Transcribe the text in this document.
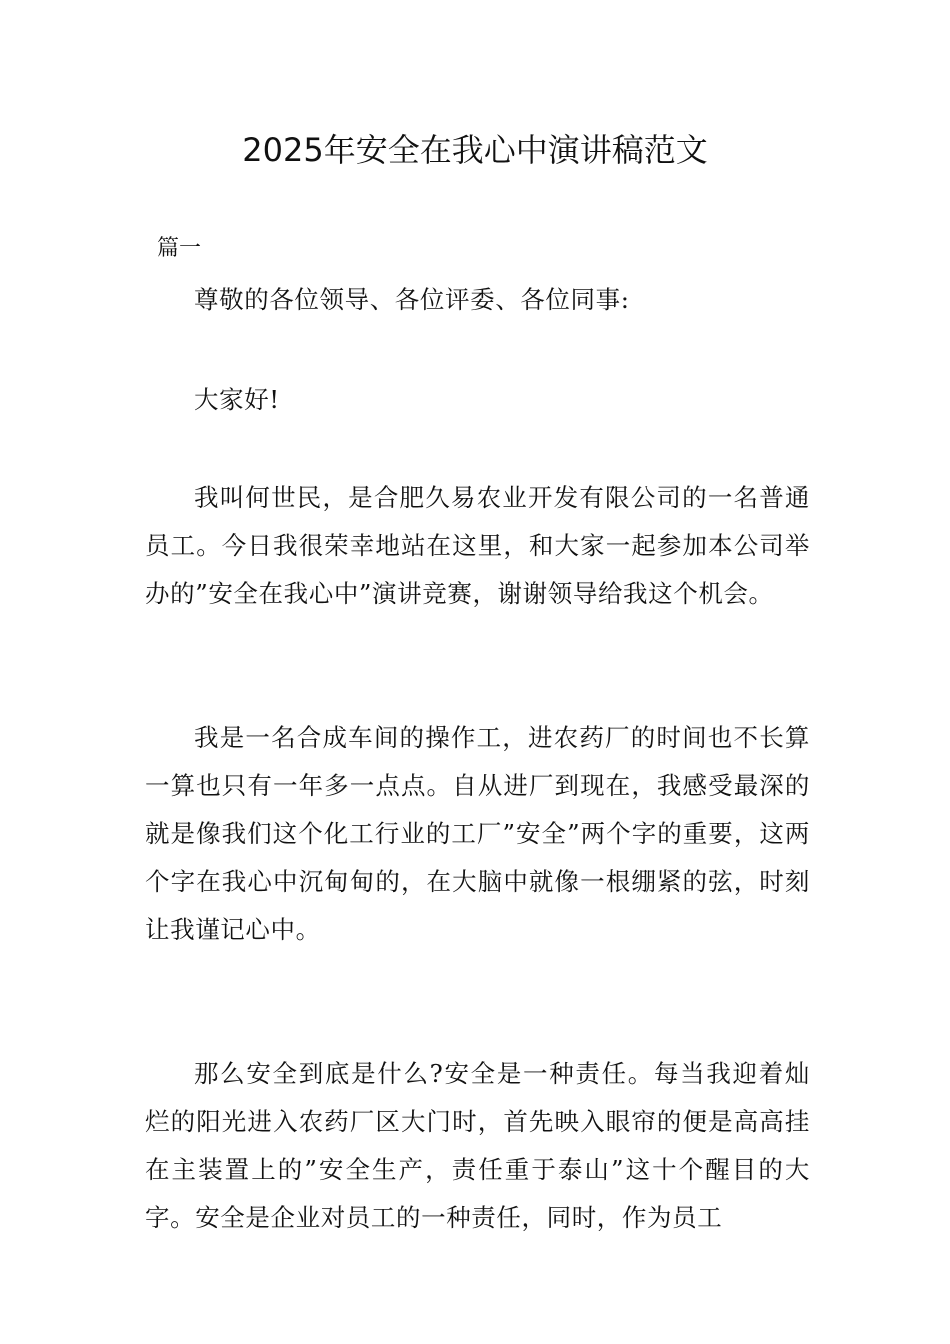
2025年安全在我心中演讲稿范文
篇一

尊敬的各位领导、各位评委、各位同事:

大家好!

我叫何世民，是合肥久易农业开发有限公司的一名普通员工。今日我很荣幸地站在这里，和大家一起参加本公司举办的”安全在我心中”演讲竞赛，谢谢领导给我这个机会。

我是一名合成车间的操作工，进农药厂的时间也不长算一算也只有一年多一点点。自从进厂到现在，我感受最深的就是像我们这个化工行业的工厂”安全”两个字的重要，这两个字在我心中沉甸甸的，在大脑中就像一根绷紧的弦，时刻让我谨记心中。

那么安全到底是什么?安全是一种责任。每当我迎着灿烂的阳光进入农药厂区大门时，首先映入眼帘的便是高高挂在主装置上的”安全生产，责任重于泰山”这十个醒目的大字。安全是企业对员工的一种责任，同时，作为员工
